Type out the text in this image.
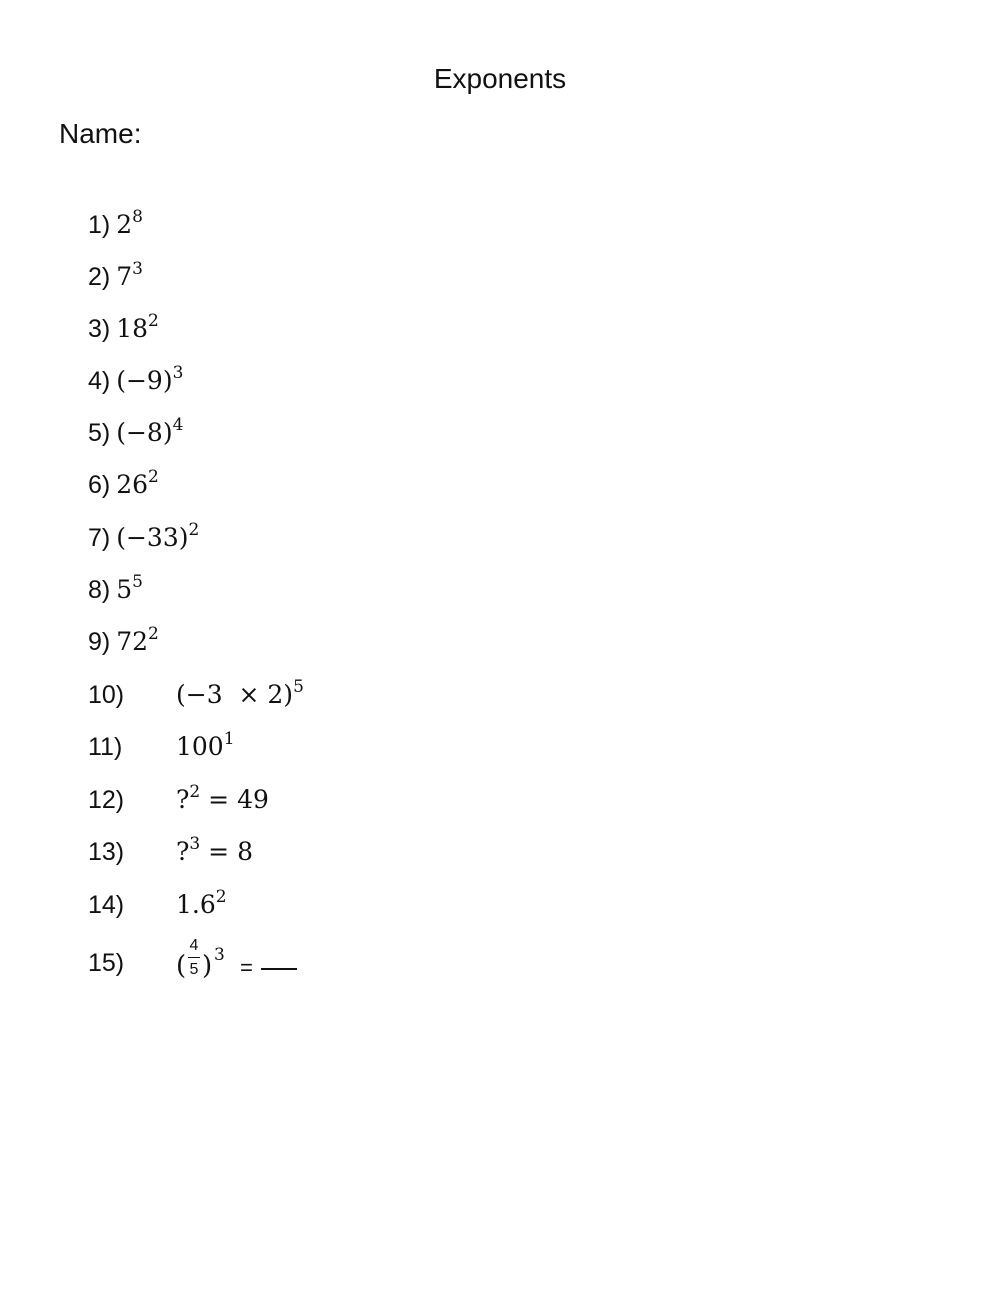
Exponents
Name:
1) $2^8$
2) $7^3$
3) $18^2$
4) $(-9)^3$
5) $(-8)^4$
6) $26^2$
7) $(-33)^2$
8) $5^5$
9) $72^2$
10) $(-3 \times 2)^5$
11) $100^1$
12) ?$^2$ = 49
13) ?$^3$ = 8
14) $1.6^2$
15) (
4
5 ) 3 =
